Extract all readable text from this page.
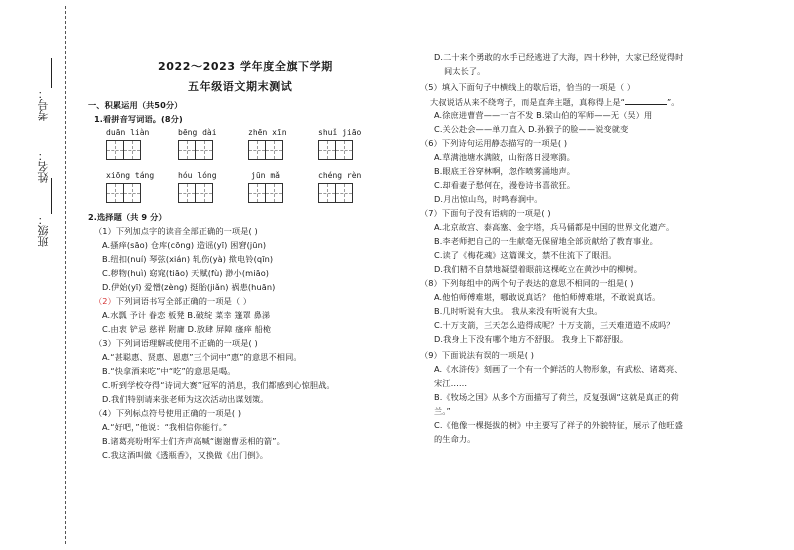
班级：
姓名：
考号：
2022～2023 学年度全旗下学期
五年级语文期末测试
一、积累运用（共50分）
1.看拼音写词语。(8分)
duān liàn	bēng dài	zhēn xīn	shuǐ jiāo
xiōng táng	hóu lóng	jūn mǎ	chéng rèn
2.选择题（共 9 分）
（1）下列加点字的读音全部正确的一项是( )
A.搔痒(sāo) 仓库(cōng) 造谣(yī) 困窘(jūn)
B.纽扣(nuí) 琴弦(xián) 轧伤(yà) 揿电铃(qīn)
C.秽物(huì) 窈窕(tiāo) 天赋(fù) 渺小(miāo)
D.伊始(yī) 爱憎(zèng) 挺胎(jiǎn) 祸患(huān)
（2）下列词语书写全部正确的一项是（ ）
A.水瓢 予计 眷恋 板凳 B.破绽 菜幸 篷罩 鼻涕
C.由衷 铲忌 慈祥 附庸 D.放肆 屏障 瘙痒 船桅
（3）下列词语理解或使用不正确的一项是( )
A.“甚聪惠、贤惠、恩惠”三个词中“惠”的意思不相同。
B.“快拿酒来吃”中“吃”的意思是喝。
C.听到学校夺得“诗词大赛”冠军的消息，我们都感到心惊胆战。
D.我们特别请来张老师为这次活动出谋划策。
（4）下列标点符号使用正确的一项是( )
A.“好吧，”他说：“我相信你能行。”
B.诸葛亮吩咐军士们齐声高喊“谢谢曹丞相的箭”。
C.我这酒叫做《透瓶香》，又换做《出门倒》。
D.二十来个勇敢的水手已经逃进了大海，四十秒钟，大家已经觉得时
间太长了。
（5）填入下面句子中横线上的歇后语，恰当的一项是（ ）
大叔说话从来不绕弯子，而是直奔主题，真称得上是“	”。
A.徐庶进曹营——一言不发 B.梁山伯的军师——无（吴）用
C.关公赴会——单刀直入 D.孙猴子的脸——说变就变
（6）下列诗句运用静态描写的一项是( )
A.草满池塘水满陂，山衔落日浸寒漪。
B.眼底王谷穿林啊，忽作喷雾涌地声。
C.却看妻子愁何在，漫卷诗书喜欲狂。
D.月出惊山鸟，时鸣春涧中。
（7）下面句子没有语病的一项是( )
A.北京故宫、泰高塞、金字塔，兵马俑都是中国的世界文化遗产。
B.李老师把自己的一生献毫无保留地全部贡献给了教育事业。
C.读了《梅花魂》这篇课文，禁不住流下了眼泪。
D.我们精不自禁地凝望着眼前这棵屹立在黄沙中的柳树。
（8）下列每组中的两个句子表达的意思不相同的一组是( )
A.他怕师傅难堪，哪敢说真话？ 他怕师傅难堪，不敢说真话。
B.几时听说有大虫。 我从来没有听说有大虫。
C.十万支箭，三天怎么造得成呢？十万支箭，三天难道造不成吗？
D.我身上下没有哪个地方不舒服。 我身上下都舒服。
（9）下面说法有误的一项是( )
A.《水浒传》刻画了一个有一个鲜活的人物形象，有武松、诸葛亮、
宋江……
B.《牧场之国》从多个方面描写了荷兰，反复强调“这就是真正的荷
兰。”
C.《他像一棵挺拔的树》中主要写了祥子的外貌特征，展示了他旺盛
的生命力。
